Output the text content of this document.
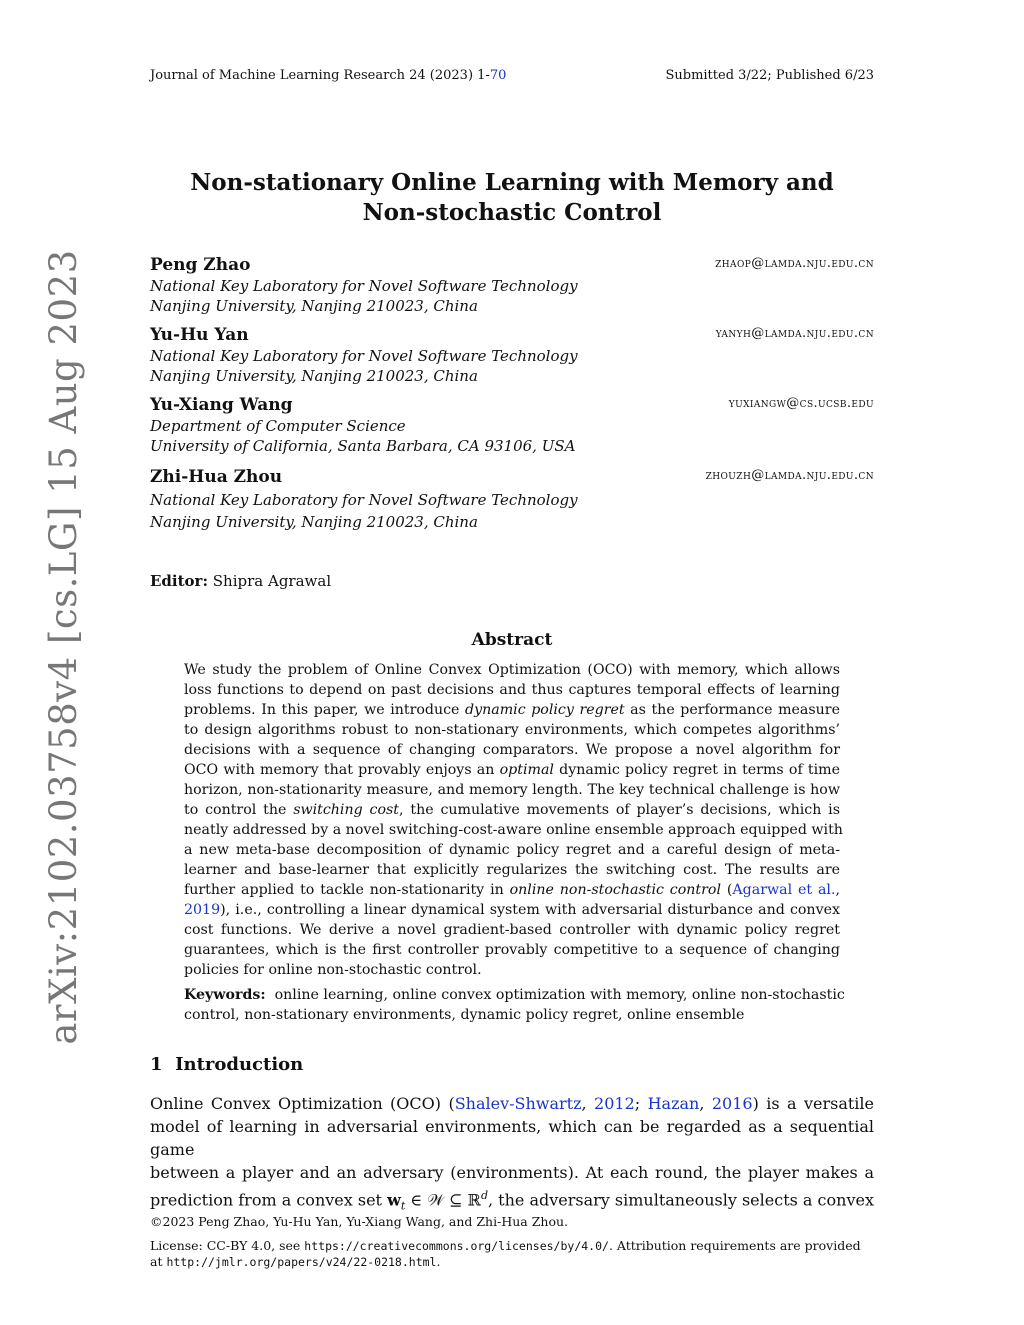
Journal of Machine Learning Research 24 (2023) 1-70	Submitted 3/22; Published 6/23
arXiv:2102.03758v4 [cs.LG] 15 Aug 2023
Non-stationary Online Learning with Memory and
Non-stochastic Control
Peng Zhao	zhaop@lamda.nju.edu.cn
National Key Laboratory for Novel Software Technology
Nanjing University, Nanjing 210023, China
Yu-Hu Yan	yanyh@lamda.nju.edu.cn
National Key Laboratory for Novel Software Technology
Nanjing University, Nanjing 210023, China
Yu-Xiang Wang	yuxiangw@cs.ucsb.edu
Department of Computer Science
University of California, Santa Barbara, CA 93106, USA
Zhi-Hua Zhou	zhouzh@lamda.nju.edu.cn
National Key Laboratory for Novel Software Technology
Nanjing University, Nanjing 210023, China
Editor: Shipra Agrawal
Abstract
We study the problem of Online Convex Optimization (OCO) with memory, which allows
loss functions to depend on past decisions and thus captures temporal effects of learning
problems. In this paper, we introduce dynamic policy regret as the performance measure
to design algorithms robust to non-stationary environments, which competes algorithms’
decisions with a sequence of changing comparators. We propose a novel algorithm for
OCO with memory that provably enjoys an optimal dynamic policy regret in terms of time
horizon, non-stationarity measure, and memory length. The key technical challenge is how
to control the switching cost, the cumulative movements of player’s decisions, which is
neatly addressed by a novel switching-cost-aware online ensemble approach equipped with
a new meta-base decomposition of dynamic policy regret and a careful design of meta-
learner and base-learner that explicitly regularizes the switching cost. The results are
further applied to tackle non-stationarity in online non-stochastic control (Agarwal et al.,
2019), i.e., controlling a linear dynamical system with adversarial disturbance and convex
cost functions. We derive a novel gradient-based controller with dynamic policy regret
guarantees, which is the first controller provably competitive to a sequence of changing
policies for online non-stochastic control.
Keywords: online learning, online convex optimization with memory, online non-stochastic
control, non-stationary environments, dynamic policy regret, online ensemble
1 Introduction
Online Convex Optimization (OCO) (Shalev-Shwartz, 2012; Hazan, 2016) is a versatile
model of learning in adversarial environments, which can be regarded as a sequential game
between a player and an adversary (environments). At each round, the player makes a
prediction from a convex set $w_t$ ∈ 𝒲 ⊆ ℝ$^d$, the adversary simultaneously selects a convex
©2023 Peng Zhao, Yu-Hu Yan, Yu-Xiang Wang, and Zhi-Hua Zhou.
License: CC-BY 4.0, see https://creativecommons.org/licenses/by/4.0/. Attribution requirements are provided
at http://jmlr.org/papers/v24/22-0218.html.
